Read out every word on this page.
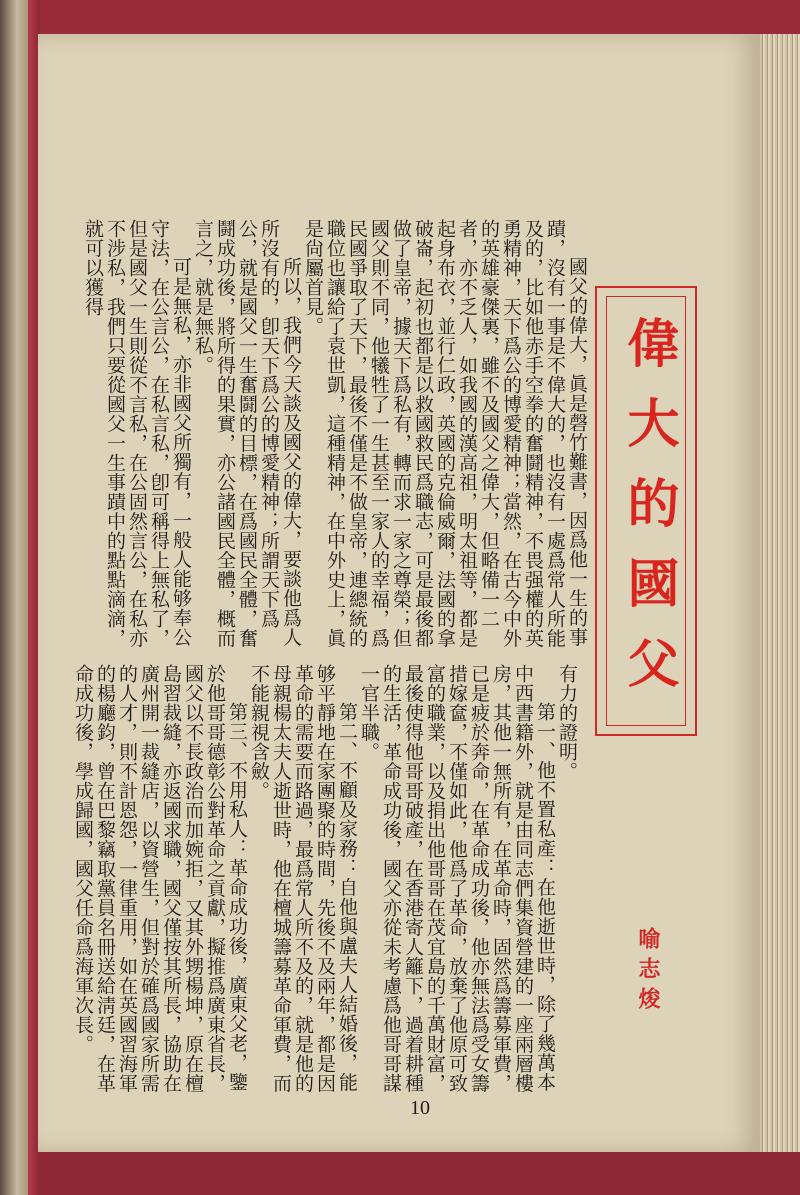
偉大的國父

國父的偉大，眞是磬竹難書，因爲他一生的事蹟，沒有一事是不偉大的，也沒有一處爲常人所能及的，比如他赤手空拳的奮鬪精神，不畏强權的英勇精神，天下爲公的博愛精神；當然，在古今中外的英雄豪傑裏，雖不及國父之偉大，但略備一二者，亦不乏人，如我國的漢高祖，明太祖等，都是起身布衣，並行仁政，英國的克倫威爾，法國的拿破崙，起初也都是以救國救民爲職志，可是最後都做了皇帝，據天下爲私有，轉而求一家之尊榮；但國父則不同，他犧牲了一生甚至一家人的幸福，爲民國爭取了天下，最後不僅是不做皇帝，連總統的職位也讓給了袁世凱，這種精神，在中外史上，眞是尙屬首見。

所以，我們今天談及國父的偉大，要談他爲人所沒有的，卽天下爲公的博愛精神；所謂天下爲公，就是國父一生奮鬪的目標，在爲國民全體，奮鬪成功後，將所得的果實，亦公諸國民全體，概而言之，就是無私。

可是無私，亦非國父所獨有，一般人能够奉公守法，在公言公，在私言私，卽可稱得上無私了，但是國父一生則從不言私，在公固然言公，在私亦不涉私，我們只要從國父一生事蹟中的點點滴滴，就可以獲得

有力的證明。

第一、他不置私產：在他逝世時，除了幾萬本中西書籍外，就是由同志們集資營建的一座兩層樓房，其他一無所有，在革命時，固然爲籌募軍費，已是疲於奔命，在革命成功後，他亦無法爲受女籌措嫁奩，不僅如此，他爲了革命，放棄了他原可致富的職業，以及捐出他哥哥在茂宜島的千萬財富，最後使得他哥哥破產，在香港寄人籬下，過着耕種的生活，革命成功後，國父亦從未考慮爲他哥哥謀一官半職。

第二、不顧及家務：自他與盧夫人結婚後，能够平靜地在家團聚的時間，先後不及兩年，都是因革命的需要而路過，最爲常人所不及的，就是他的母親楊太夫人逝世時，他在檀城籌募革命軍費，而不能親視含斂。

第三、不用私人：革命成功後，廣東父老，鑒於他哥哥德彰公對革命之貢獻，擬推爲廣東省長，國父以不長政治而加婉拒，又其外甥楊坤，原在檀島習裁縫，亦返國求職，國父僅按其所長，協助在廣州開一裁縫店，以資營生，但對於確爲國家所需的人才，則不計恩怨，一律重用，如在英國習海軍的楊廳鈞，曾在巴黎竊取黨員名冊送給淸廷，在革命成功後，學成歸國，國父任命爲海軍次長。	喻志焌
10
